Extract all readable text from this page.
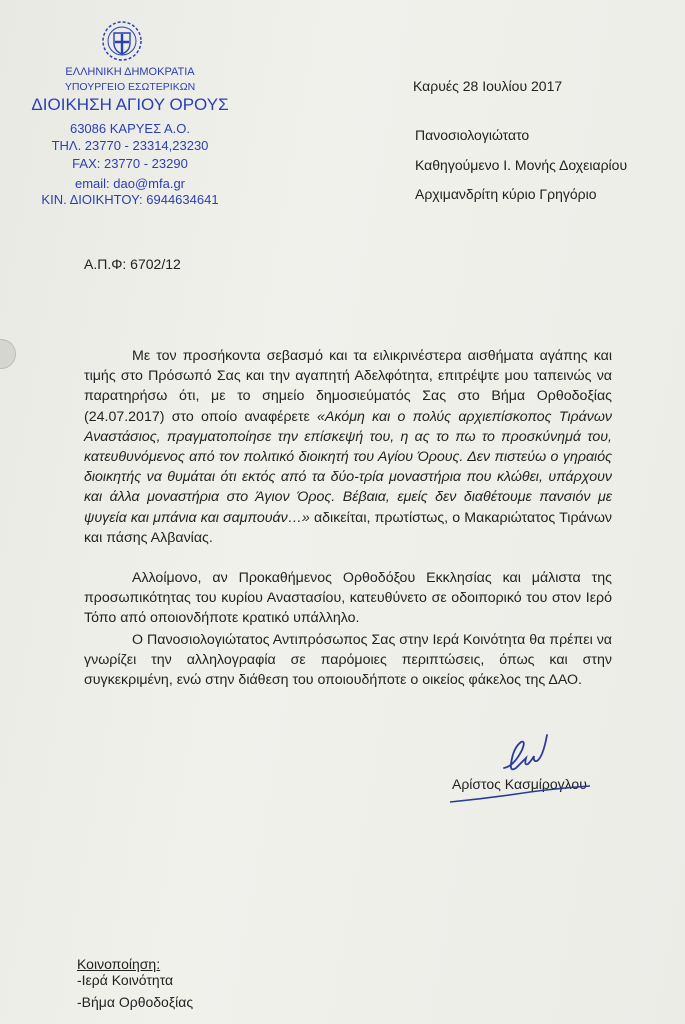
ΕΛΛΗΝΙΚΗ ΔΗΜΟΚΡΑΤΙΑ
ΥΠΟΥΡΓΕΙΟ ΕΣΩΤΕΡΙΚΩΝ
ΔΙΟΙΚΗΣΗ ΑΓΙΟΥ ΟΡΟΥΣ
63086 ΚΑΡΥΕΣ Α.Ο.
ΤΗΛ. 23770 - 23314,23230
FAX: 23770 - 23290
email: dao@mfa.gr
ΚΙΝ. ΔΙΟΙΚΗΤΟΥ: 6944634641
Καρυές 28 Ιουλίου 2017
Πανοσιολογιώτατο
Καθηγούμενο Ι. Μονής Δοχειαρίου
Αρχιμανδρίτη κύριο Γρηγόριο
Α.Π.Φ: 6702/12
Με τον προσήκοντα σεβασμό και τα ειλικρινέστερα αισθήματα αγάπης και τιμής στο Πρόσωπό Σας και την αγαπητή Αδελφότητα, επιτρέψτε μου ταπεινώς να παρατηρήσω ότι, με το σημείο δημοσιεύματός Σας στο Βήμα Ορθοδοξίας (24.07.2017) στο οποίο αναφέρετε «Ακόμη και ο πολύς αρχιεπίσκοπος Τιράνων Αναστάσιος, πραγματοποίησε την επίσκεψή του, η ας το πω το προσκύνημά του, κατευθυνόμενος από τον πολιτικό διοικητή του Αγίου Όρους. Δεν πιστεύω ο γηραιός διοικητής να θυμάται ότι εκτός από τα δύο-τρία μοναστήρια που κλώθει, υπάρχουν και άλλα μοναστήρια στο Άγιον Όρος. Βέβαια, εμείς δεν διαθέτουμε πανσιόν με ψυγεία και μπάνια και σαμπουάν…» αδικείται, πρωτίστως, ο Μακαριώτατος Τιράνων και πάσης Αλβανίας.
Αλλοίμονο, αν Προκαθήμενος Ορθοδόξου Εκκλησίας και μάλιστα της προσωπικότητας του κυρίου Αναστασίου, κατευθύνετο σε οδοιπορικό του στον Ιερό Τόπο από οποιονδήποτε κρατικό υπάλληλο.
Ο Πανοσιολογιώτατος Αντιπρόσωπος Σας στην Ιερά Κοινότητα θα πρέπει να γνωρίζει την αλληλογραφία σε παρόμοιες περιπτώσεις, όπως και στην συγκεκριμένη, ενώ στην διάθεση του οποιουδήποτε ο οικείος φάκελος της ΔΑΟ.
Αρίστος Κασμίρογλου
Κοινοποίηση:
-Ιερά Κοινότητα
-Βήμα Ορθοδοξίας
